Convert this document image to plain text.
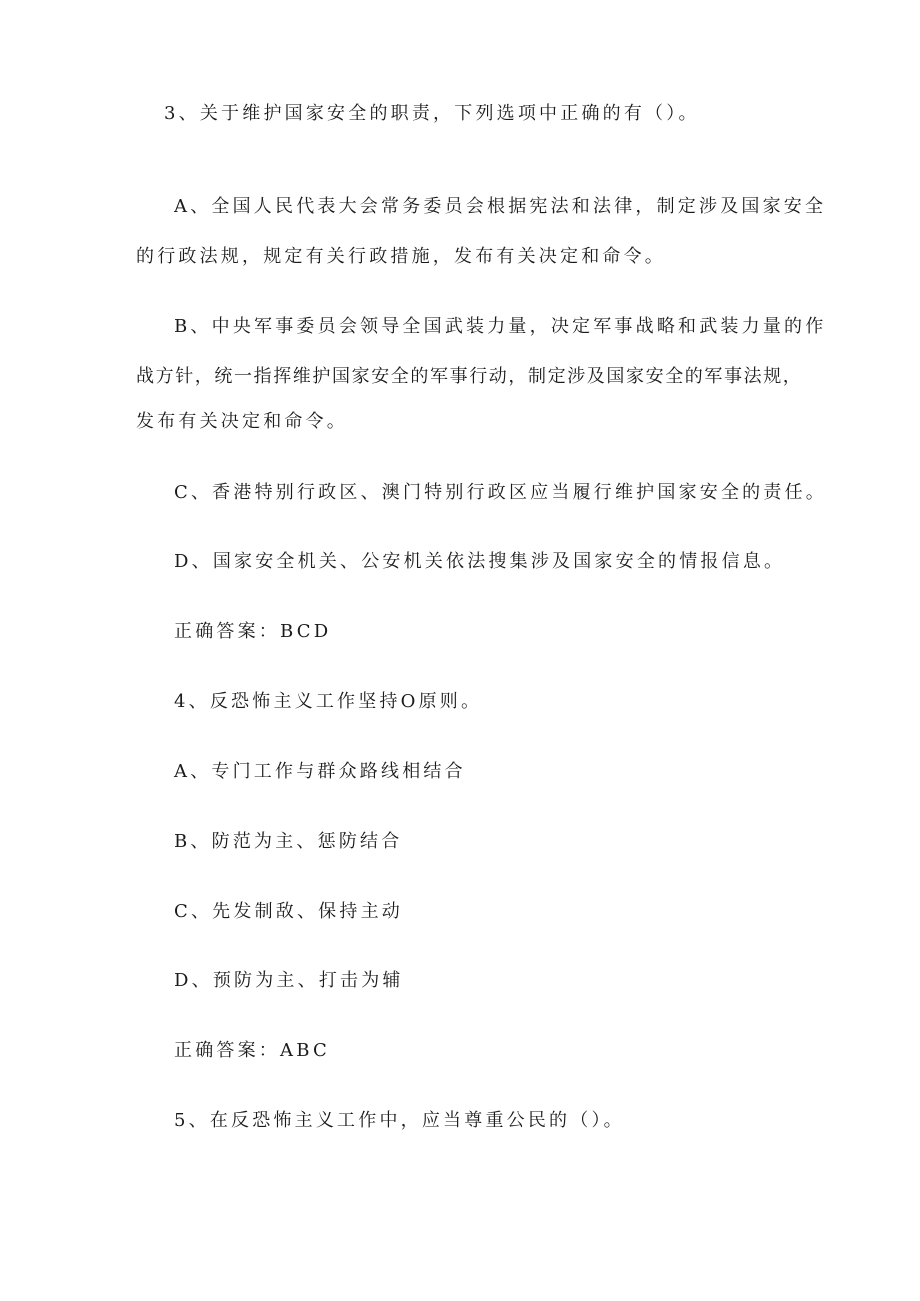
3、关于维护国家安全的职责，下列选项中正确的有（）。
A、全国人民代表大会常务委员会根据宪法和法律，制定涉及国家安全
的行政法规，规定有关行政措施，发布有关决定和命令。
B、中央军事委员会领导全国武装力量，决定军事战略和武装力量的作
战方针，统一指挥维护国家安全的军事行动，制定涉及国家安全的军事法规，
发布有关决定和命令。
C、香港特别行政区、澳门特别行政区应当履行维护国家安全的责任。
D、国家安全机关、公安机关依法搜集涉及国家安全的情报信息。
正确答案：BCD
4、反恐怖主义工作坚持O原则。
A、专门工作与群众路线相结合
B、防范为主、惩防结合
C、先发制敌、保持主动
D、预防为主、打击为辅
正确答案：ABC
5、在反恐怖主义工作中，应当尊重公民的（）。
